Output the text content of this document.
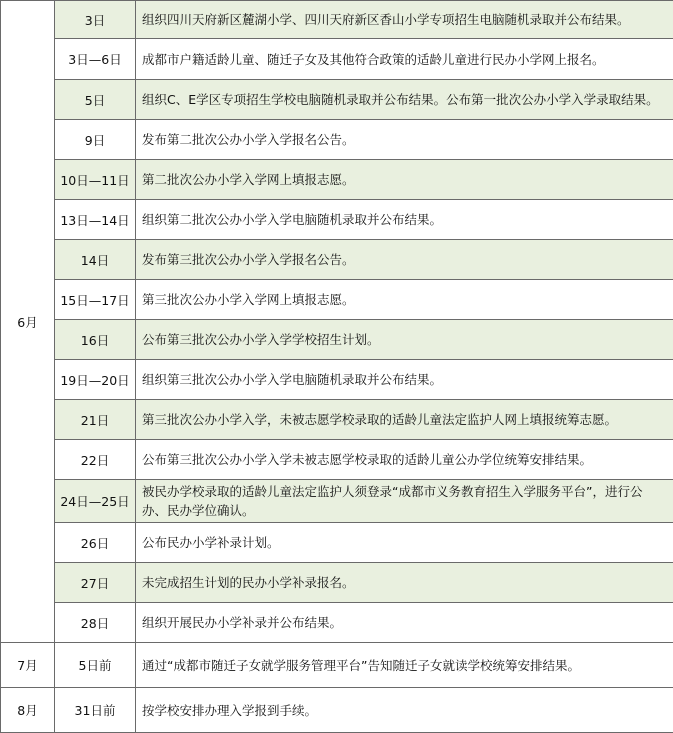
6月	3日	组织四川天府新区麓湖小学、四川天府新区香山小学专项招生电脑随机录取并公布结果。
	3日—6日	成都市户籍适龄儿童、随迁子女及其他符合政策的适龄儿童进行民办小学网上报名。
	5日	组织C、E学区专项招生学校电脑随机录取并公布结果。公布第一批次公办小学入学录取结果。
	9日	发布第二批次公办小学入学报名公告。
	10日—11日	第二批次公办小学入学网上填报志愿。
	13日—14日	组织第二批次公办小学入学电脑随机录取并公布结果。
	14日	发布第三批次公办小学入学报名公告。
	15日—17日	第三批次公办小学入学网上填报志愿。
	16日	公布第三批次公办小学入学学校招生计划。
	19日—20日	组织第三批次公办小学入学电脑随机录取并公布结果。
	21日	第三批次公办小学入学，未被志愿学校录取的适龄儿童法定监护人网上填报统筹志愿。
	22日	公布第三批次公办小学入学未被志愿学校录取的适龄儿童公办学位统筹安排结果。
	24日—25日	被民办学校录取的适龄儿童法定监护人须登录“成都市义务教育招生入学服务平台”，进行公办、民办学位确认。
	26日	公布民办小学补录计划。
	27日	未完成招生计划的民办小学补录报名。
	28日	组织开展民办小学补录并公布结果。
7月	5日前	通过“成都市随迁子女就学服务管理平台”告知随迁子女就读学校统筹安排结果。
8月	31日前	按学校安排办理入学报到手续。
